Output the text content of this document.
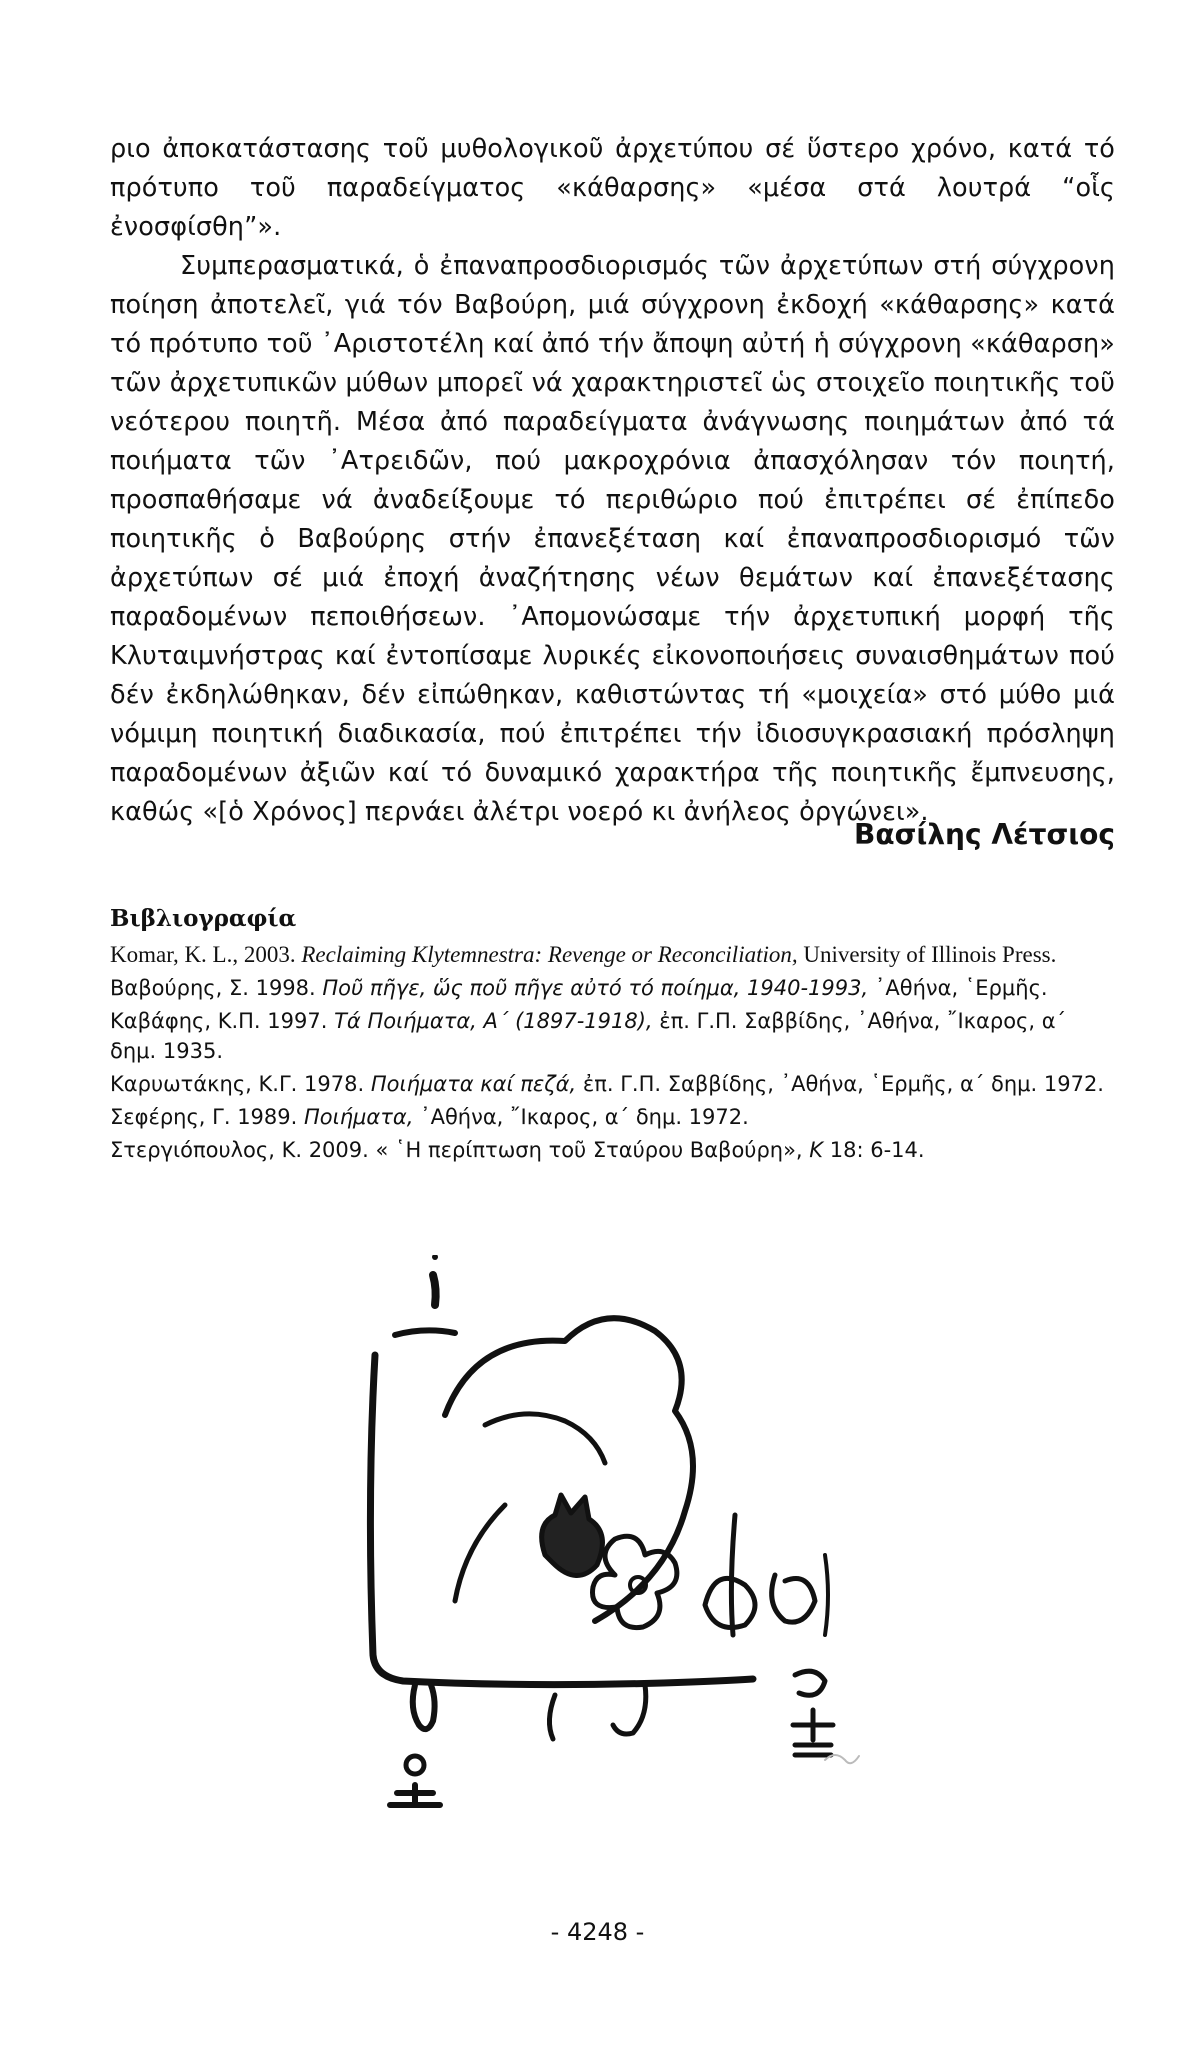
ριο ἀποκατάστασης τοῦ μυθολογικοῦ ἀρχετύπου σέ ὕστερο χρόνο, κατά τό πρότυπο τοῦ παραδείγματος «κάθαρσης» «μέσα στά λουτρά “οἷς ἐνοσφίσθη”».

Συμπερασματικά, ὁ ἐπαναπροσδιορισμός τῶν ἀρχετύπων στή σύγχρονη ποίηση ἀποτελεῖ, γιά τόν Βαβούρη, μιά σύγχρονη ἐκδοχή «κάθαρσης» κατά τό πρότυπο τοῦ ᾿Αριστοτέλη καί ἀπό τήν ἄποψη αὐτή ἡ σύγχρονη «κάθαρση» τῶν ἀρχετυπικῶν μύθων μπορεῖ νά χαρακτηριστεῖ ὡς στοιχεῖο ποιητικῆς τοῦ νεότερου ποιητῆ. Μέσα ἀπό παραδείγματα ἀνάγνωσης ποιημάτων ἀπό τά ποιήματα τῶν ᾿Ατρειδῶν, πού μακροχρόνια ἀπασχόλησαν τόν ποιητή, προσπαθήσαμε νά ἀναδείξουμε τό περιθώριο πού ἐπιτρέπει σέ ἐπίπεδο ποιητικῆς ὁ Βαβούρης στήν ἐπανεξέταση καί ἐπαναπροσδιορισμό τῶν ἀρχετύπων σέ μιά ἐποχή ἀναζήτησης νέων θεμάτων καί ἐπανεξέτασης παραδομένων πεποιθήσεων. ᾿Απομονώσαμε τήν ἀρχετυπική μορφή τῆς Κλυταιμνήστρας καί ἐντοπίσαμε λυρικές εἰκονοποιήσεις συναισθημάτων πού δέν ἐκδηλώθηκαν, δέν εἰπώθηκαν, καθιστώντας τή «μοιχεία» στό μύθο μιά νόμιμη ποιητική διαδικασία, πού ἐπιτρέπει τήν ἰδιοσυγκρασιακή πρόσληψη παραδομένων ἀξιῶν καί τό δυναμικό χαρακτήρα τῆς ποιητικῆς ἔμπνευσης, καθώς «[ὁ Χρόνος] περνάει ἀλέτρι νοερό κι ἀνήλεος ὀργώνει».

Βασίλης Λέτσιος
Βιβλιογραφία

Komar, K. L., 2003. Reclaiming Klytemnestra: Revenge or Reconciliation, University of Illinois Press.

Βαβούρης, Σ. 1998. Ποῦ πῆγε, ὥς ποῦ πῆγε αὐτό τό ποίημα, 1940-1993, ᾿Αθήνα, ῾Ερμῆς.

Καβάφης, Κ.Π. 1997. Τά Ποιήματα, Α΄ (1897-1918), ἐπ. Γ.Π. Σαββίδης, ᾿Αθήνα, ῎Ικαρος, α΄ δημ. 1935.

Καρυωτάκης, Κ.Γ. 1978. Ποιήματα καί πεζά, ἐπ. Γ.Π. Σαββίδης, ᾿Αθήνα, ῾Ερμῆς, α΄ δημ. 1972.

Σεφέρης, Γ. 1989. Ποιήματα, ᾿Αθήνα, ῎Ικαρος, α΄ δημ. 1972.

Στεργιόπουλος, Κ. 2009. « ῾Η περίπτωση τοῦ Σταύρου Βαβούρη», Κ 18: 6-14.

- 4248 -
